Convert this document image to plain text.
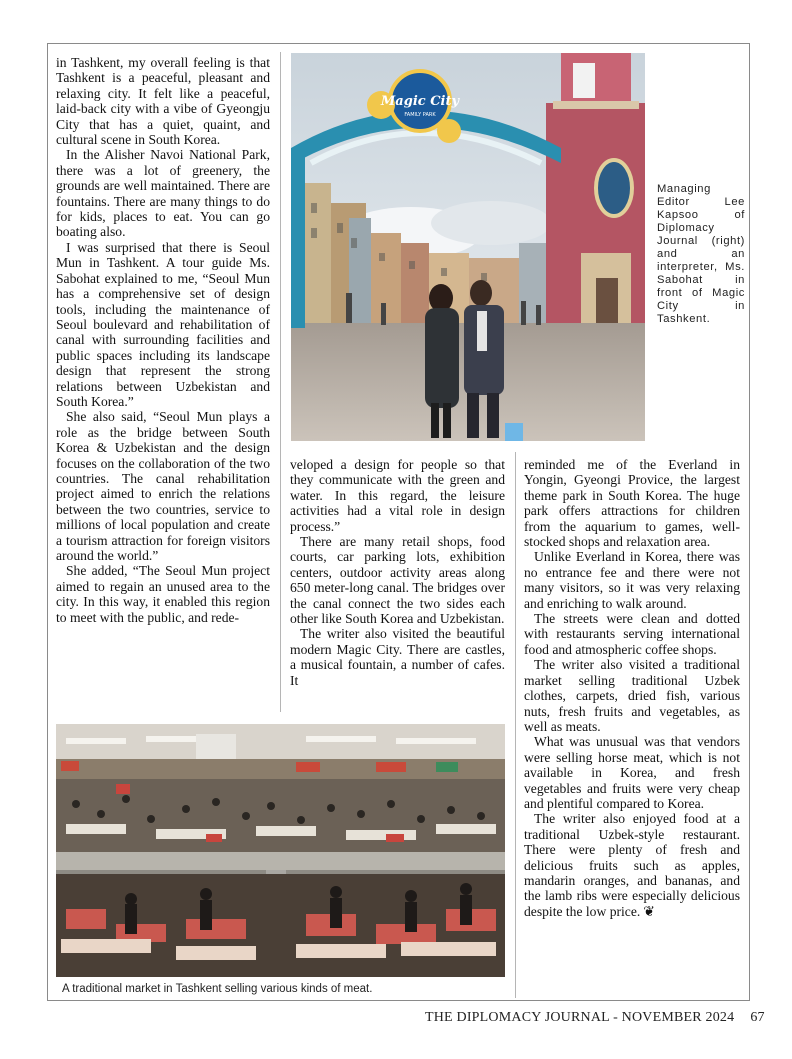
in Tashkent, my overall feeling is that Tashkent is a peaceful, pleasant and relaxing city. It felt like a peaceful, laid-back city with a vibe of Gyeongju City that has a quiet, quaint, and cultural scene in South Korea.

In the Alisher Navoi National Park, there was a lot of greenery, the grounds are well maintained. There are fountains. There are many things to do for kids, places to eat. You can go boating also.

I was surprised that there is Seoul Mun in Tashkent. A tour guide Ms. Sabohat explained to me, “Seoul Mun has a comprehensive set of design tools, including the maintenance of Seoul boulevard and rehabilitation of canal with surrounding facilities and public spaces including its landscape design that represent the strong relations between Uzbekistan and South Korea.”

She also said, “Seoul Mun plays a role as the bridge between South Korea & Uzbekistan and the design focuses on the collaboration of the two countries. The canal rehabilitation project aimed to enrich the relations between the two countries, service to millions of local population and create a tourism attraction for foreign visitors around the world.”

She added, “The Seoul Mun project aimed to regain an unused area to the city. In this way, it enabled this region to meet with the public, and rede-

Magic City
FAMILY PARK
Managing Editor Lee Kapsoo of Diplomacy Journal (right) and an interpreter, Ms. Sabohat in front of Magic City in Tashkent.

veloped a design for people so that they communicate with the green and water. In this regard, the leisure activities had a vital role in design process.”

There are many retail shops, food courts, car parking lots, exhibition centers, outdoor activity areas along 650 meter-long canal. The bridges over the canal connect the two sides each other like South Korea and Uzbekistan.

The writer also visited the beautiful modern Magic City. There are castles, a musical fountain, a number of cafes. It

reminded me of the Everland in Yongin, Gyeongi Provice, the largest theme park in South Korea. The huge park offers attractions for children from the aquarium to games, well-stocked shops and relaxation area.

Unlike Everland in Korea, there was no entrance fee and there were not many visitors, so it was very relaxing and enriching to walk around.

The streets were clean and dotted with restaurants serving international food and atmospheric coffee shops.

The writer also visited a traditional market selling traditional Uzbek clothes, carpets, dried fish, various nuts, fresh fruits and vegetables, as well as meats.

What was unusual was that vendors were selling horse meat, which is not available in Korea, and fresh vegetables and fruits were very cheap and plentiful compared to Korea.

The writer also enjoyed food at a traditional Uzbek-style restaurant. There were plenty of fresh and delicious fruits such as apples, mandarin oranges, and bananas, and the lamb ribs were especially delicious despite the low price. ❦

A traditional market in Tashkent selling various kinds of meat.
THE DIPLOMACY JOURNAL - NOVEMBER 2024 67
